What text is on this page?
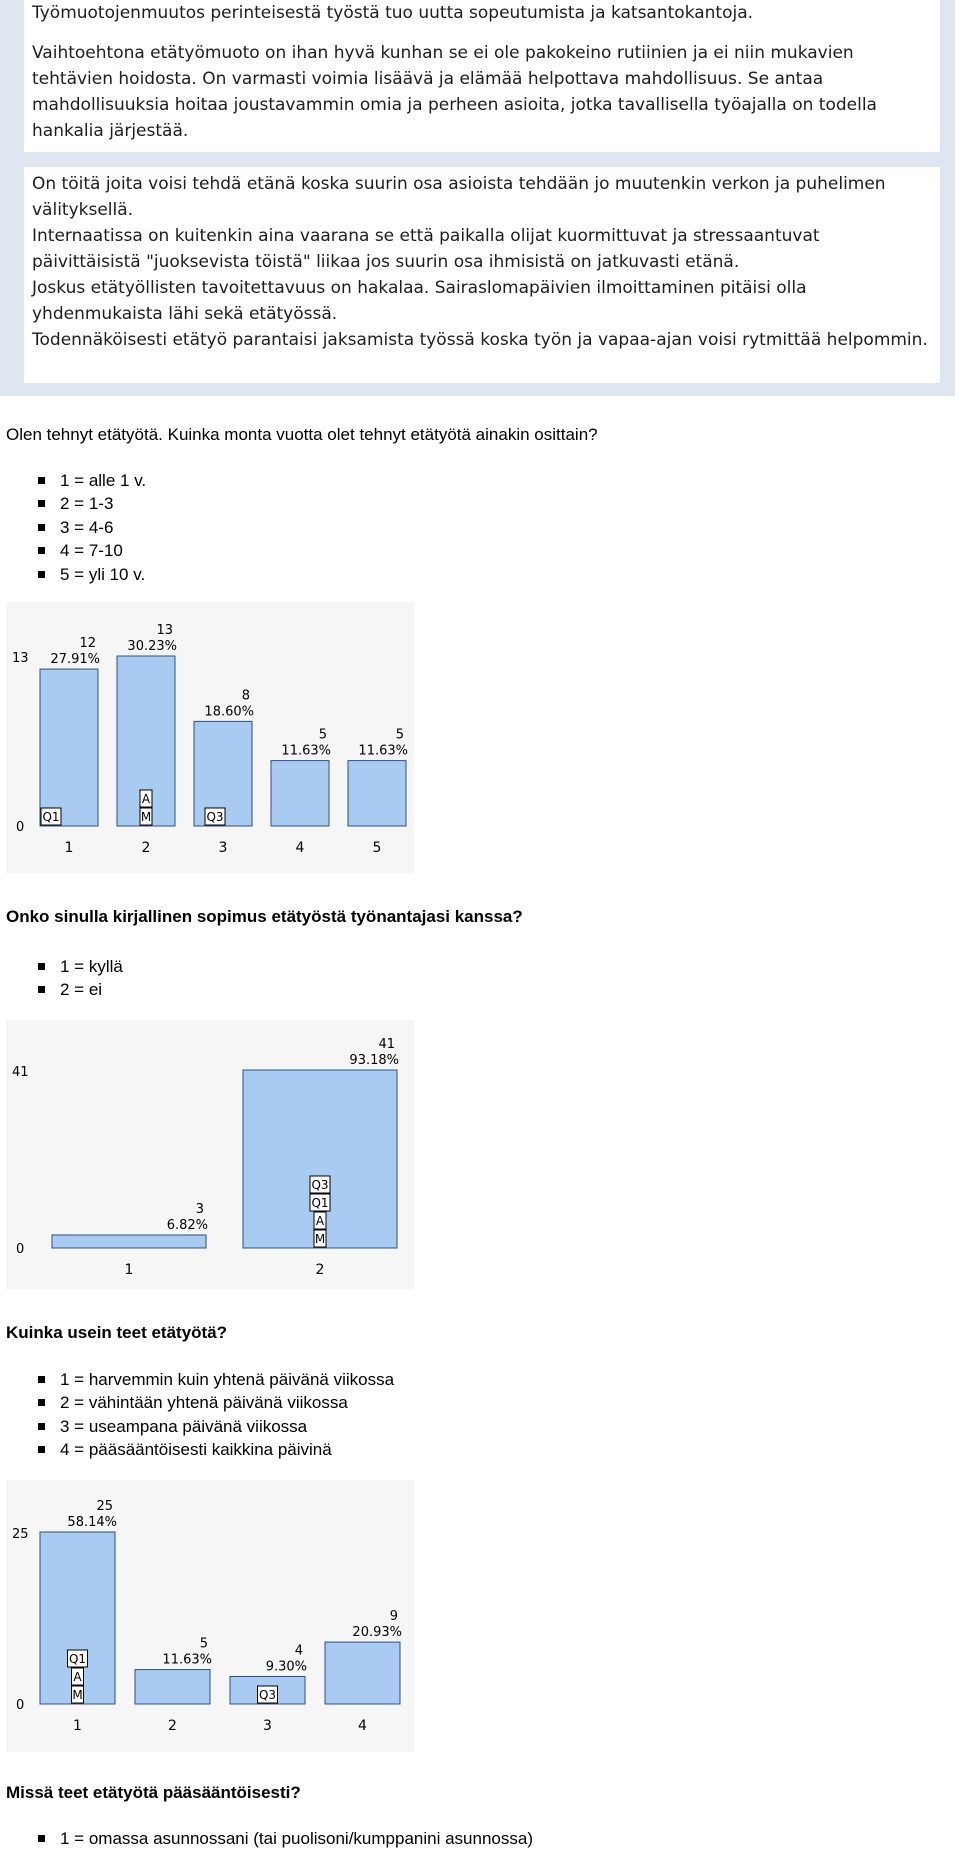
Työmuotojenmuutos perinteisestä työstä tuo uutta sopeutumista ja katsantokantoja.

Vaihtoehtona etätyömuoto on ihan hyvä kunhan se ei ole pakokeino rutiinien ja ei niin mukavien tehtävien hoidosta. On varmasti voimia lisäävä ja elämää helpottava mahdollisuus. Se antaa mahdollisuuksia hoitaa joustavammin omia ja perheen asioita, jotka tavallisella työajalla on todella hankalia järjestää.

On töitä joita voisi tehdä etänä koska suurin osa asioista tehdään jo muutenkin verkon ja puhelimen välityksellä.

Internaatissa on kuitenkin aina vaarana se että paikalla olijat kuormittuvat ja stressaantuvat päivittäisistä "juoksevista töistä" liikaa jos suurin osa ihmisistä on jatkuvasti etänä.

Joskus etätyöllisten tavoitettavuus on hakalaa. Sairaslomapäivien ilmoittaminen pitäisi olla yhdenmukaista lähi sekä etätyössä.

Todennäköisesti etätyö parantaisi jaksamista työssä koska työn ja vapaa-ajan voisi rytmittää helpommin.

Olen tehnyt etätyötä. Kuinka monta vuotta olet tehnyt etätyötä ainakin osittain?
1 = alle 1 v.
2 = 1-3
3 = 4-6
4 = 7-10
5 = yli 10 v.
13
0
12
27.91%
1
Q1
13
30.23%
2
M
A
8
18.60%
3
Q3
5
11.63%
4
5
11.63%
5
Onko sinulla kirjallinen sopimus etätyöstä työnantajasi kanssa?
1 = kyllä
2 = ei
41
0
3
6.82%
1
41
93.18%
2
M
A
Q1
Q3
Kuinka usein teet etätyötä?
1 = harvemmin kuin yhtenä päivänä viikossa
2 = vähintään yhtenä päivänä viikossa
3 = useampana päivänä viikossa
4 = pääsääntöisesti kaikkina päivinä
25
0
25
58.14%
1
M
A
Q1
5
11.63%
2
4
9.30%
3
Q3
9
20.93%
4
Missä teet etätyötä pääsääntöisesti?
1 = omassa asunnossani (tai puolisoni/kumppanini asunnossa)
